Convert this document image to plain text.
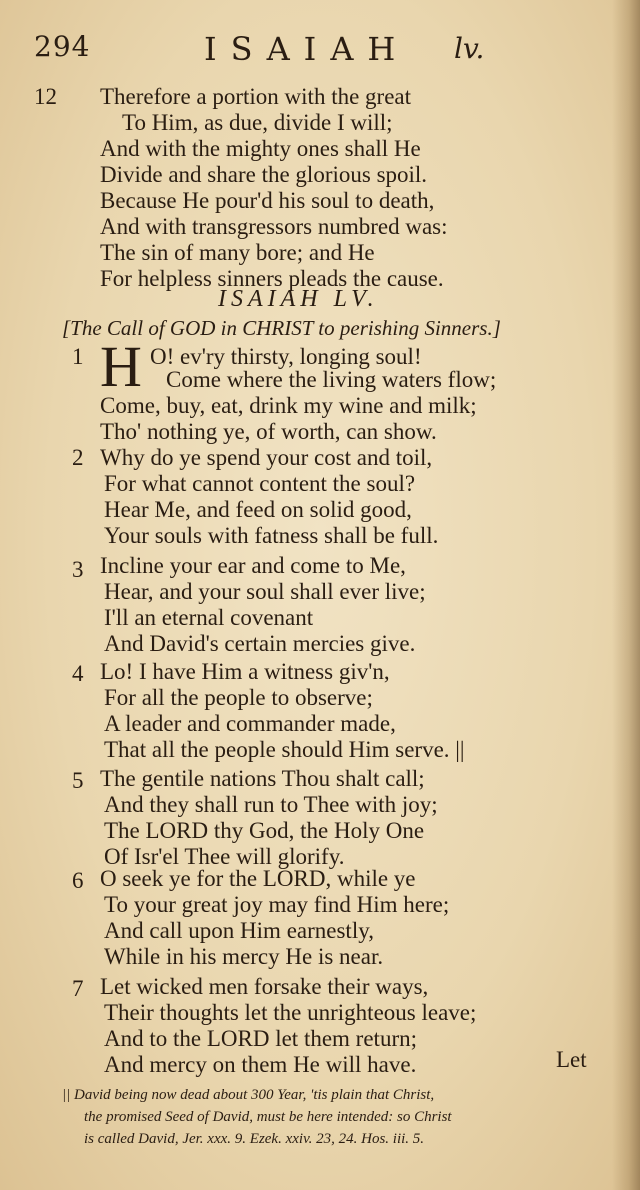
294	ISAIAH lv.
12 Therefore a portion with the great
To Him, as due, divide I will;
And with the mighty ones shall He
Divide and share the glorious spoil.
Because He pour'd his soul to death,
And with transgressors numbred was:
The sin of many bore; and He
For helpless sinners pleads the cause.
ISAIAH LV.
[The Call of GOD in CHRIST to perishing Sinners.]
1 H O! ev'ry thirsty, longing soul!
Come where the living waters flow;
Come, buy, eat, drink my wine and milk;
Tho' nothing ye, of worth, can show.
2 Why do ye spend your cost and toil,
For what cannot content the soul?
Hear Me, and feed on solid good,
Your souls with fatness shall be full.
3 Incline your ear and come to Me,
Hear, and your soul shall ever live;
I'll an eternal covenant
And David's certain mercies give.
4 Lo! I have Him a witness giv'n,
For all the people to observe;
A leader and commander made,
That all the people should Him serve. ||
5 The gentile nations Thou shalt call;
And they shall run to Thee with joy;
The LORD thy God, the Holy One
Of Isr'el Thee will glorify.
6 O seek ye for the LORD, while ye
To your great joy may find Him here;
And call upon Him earnestly,
While in his mercy He is near.
7 Let wicked men forsake their ways,
Their thoughts let the unrighteous leave;
And to the LORD let them return;
And mercy on them He will have.	Let
|| David being now dead about 300 Year, 'tis plain that Christ,
the promised Seed of David, must be here intended: so Christ
is called David, Jer. xxx. 9. Ezek. xxiv. 23, 24. Hos. iii. 5.
